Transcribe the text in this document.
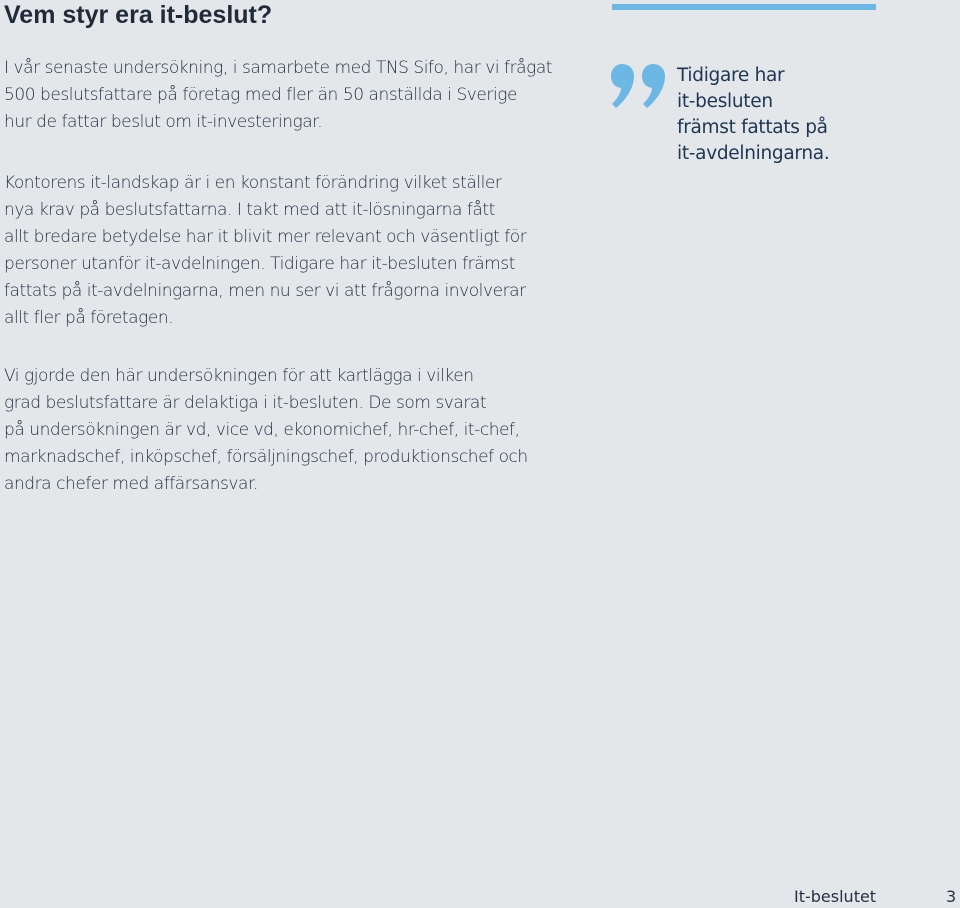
Vem styr era it-beslut?

I vår senaste undersökning, i samarbete med TNS Sifo, har vi frågat
500 beslutsfattare på företag med fler än 50 anställda i Sverige
hur de fattar beslut om it-investeringar.

Kontorens it-landskap är i en konstant förändring vilket ställer
nya krav på beslutsfattarna. I takt med att it-lösningarna fått
allt bredare betydelse har it blivit mer relevant och väsentligt för
personer utanför it-avdelningen. Tidigare har it-besluten främst
fattats på it-avdelningarna, men nu ser vi att frågorna involverar
allt fler på företagen.

Vi gjorde den här undersökningen för att kartlägga i vilken
grad beslutsfattare är delaktiga i it-besluten. De som svarat
på undersökningen är vd, vice vd, ekonomichef, hr-chef, it-chef,
marknadschef, inköpschef, försäljningschef, produktionschef och
andra chefer med affärsansvar.

Tidigare har
it-besluten
främst fattats på
it-avdelningarna.

It-beslutet	3
